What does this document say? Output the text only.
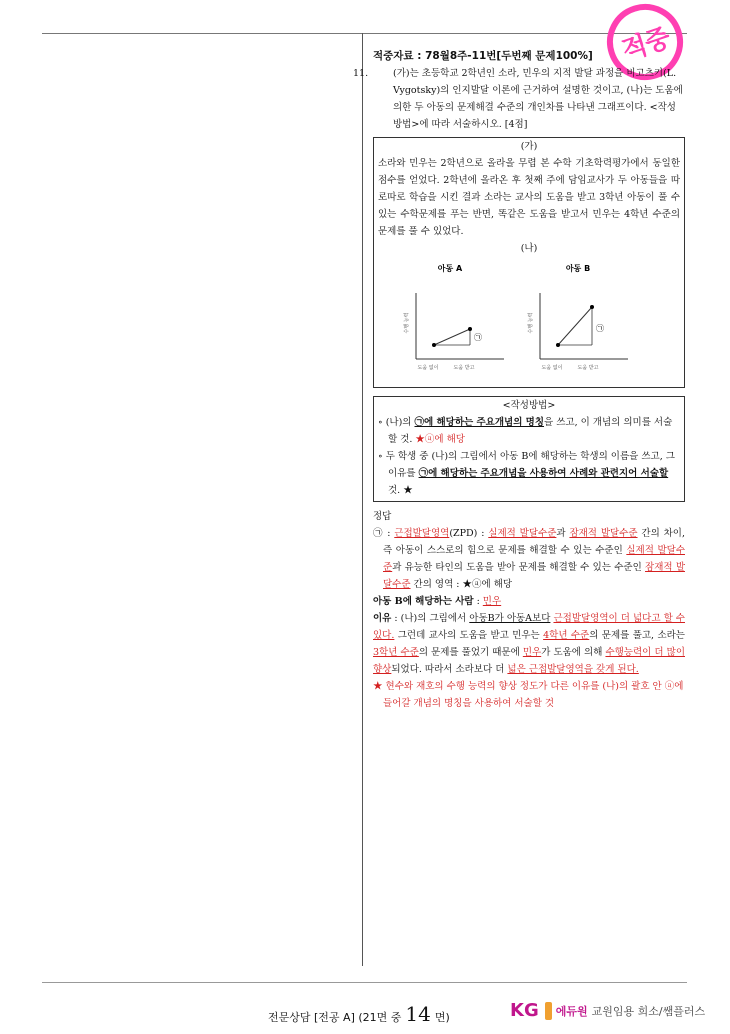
적중
적중자료 : 78월8주-11번[두번째 문제100%]
11.	(가)는 초등학교 2학년인 소라, 민우의 지적 발달 과정을 비고츠키(L. Vygotsky)의 인지발달 이론에 근거하여 설명한 것이고, (나)는 도움에 의한 두 아동의 문제해결 수준의 개인차를 나타낸 그래프이다. <작성방법>에 따라 서술하시오. [4점]
(가)
소라와 민우는 2학년으로 올라올 무렵 본 수학 기초학력평가에서 동일한 점수를 얻었다. 2학년에 올라온 후 첫째 주에 담임교사가 두 아동들을 따로따로 학습을 시킨 결과 소라는 교사의 도움을 받고 3학년 아동이 풀 수 있는 수학문제를 푸는 반면, 똑같은 도움을 받고서 민우는 4학년 수준의 문제를 풀 수 있었다.
(나)
아동 A
수행 능력
㉠
도움 없이	도움 받고
아동 B
수행 능력	㉠
도움 없이	도움 받고
<작성방법>
∘ (나)의 ㉠에 해당하는 주요개념의 명칭을 쓰고, 이 개념의 의미를 서술할 것. ★ⓐ에 해당
∘ 두 학생 중 (나)의 그림에서 아동 B에 해당하는 학생의 이름을 쓰고, 그 이유를 ㉠에 해당하는 주요개념을 사용하여 사례와 관련지어 서술할 것. ★
정답
㉠ : 근접발달영역(ZPD) : 실제적 발달수준과 잠재적 발달수준 간의 차이, 즉 아동이 스스로의 힘으로 문제를 해결할 수 있는 수준인 실제적 발달수준과 유능한 타인의 도움을 받아 문제를 해결할 수 있는 수준인 잠재적 발달수준 간의 영역 : ★ⓐ에 해당
아동 B에 해당하는 사람 : 민우
이유 : (나)의 그림에서 아동B가 아동A보다 근접발달영역이 더 넓다고 할 수 있다. 그런데 교사의 도움을 받고 민우는 4학년 수준의 문제를 풀고, 소라는 3학년 수준의 문제를 풀었기 때문에 민우가 도움에 의해 수행능력이 더 많이 향상되었다. 따라서 소라보다 더 넓은 근접발달영역을 갖게 된다.
★ 현수와 재호의 수행 능력의 향상 정도가 다른 이유를 (나)의 괄호 안 ⓐ에 들어갈 개념의 명칭을 사용하여 서술할 것
전문상담 [전공 A] (21면 중 14 면)	KG 에듀원 교원임용 희소/쌤플러스
